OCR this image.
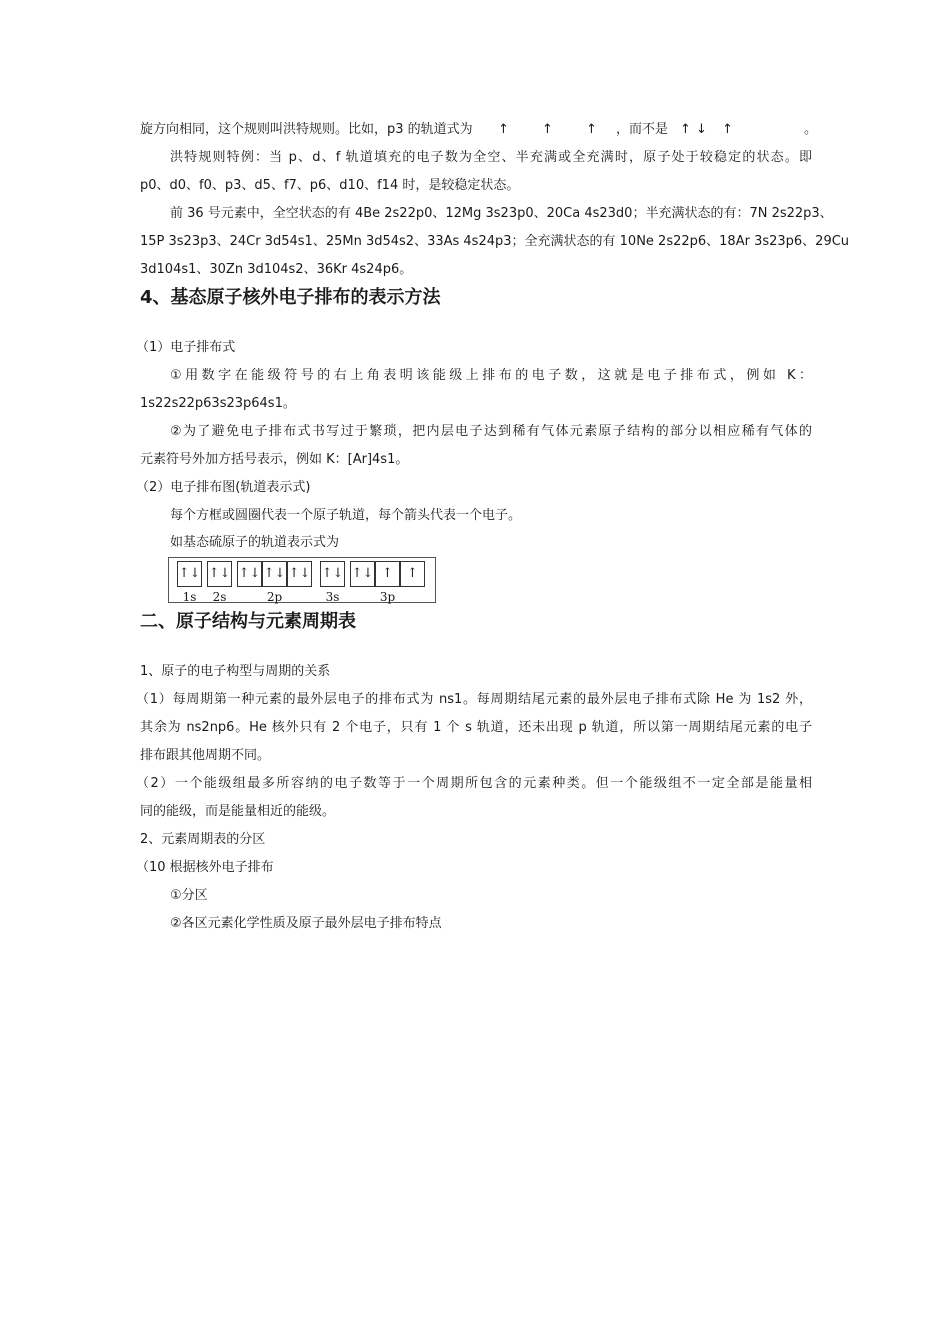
旋方向相同，这个规则叫洪特规则。比如，p3 的轨道式为 ↑	↑	↑ ，而不是 ↑ ↓ ↑	。
洪特规则特例：当 p、d、f 轨道填充的电子数为全空、半充满或全充满时，原子处于较稳定的状态。即
p0、d0、f0、p3、d5、f7、p6、d10、f14 时，是较稳定状态。
前 36 号元素中，全空状态的有 4Be 2s22p0、12Mg 3s23p0、20Ca 4s23d0；半充满状态的有：7N 2s22p3、
15P 3s23p3、24Cr 3d54s1、25Mn 3d54s2、33As 4s24p3；全充满状态的有 10Ne 2s22p6、18Ar 3s23p6、29Cu
3d104s1、30Zn 3d104s2、36Kr 4s24p6。
4、基态原子核外电子排布的表示方法
（1）电子排布式
①用数字在能级符号的右上角表明该能级上排布的电子数，这就是电子排布式，例如 K：
1s22s22p63s23p64s1。
②为了避免电子排布式书写过于繁琐，把内层电子达到稀有气体元素原子结构的部分以相应稀有气体的
元素符号外加方括号表示，例如 K：[Ar]4s1。
（2）电子排布图(轨道表示式)
每个方框或圆圈代表一个原子轨道，每个箭头代表一个电子。
如基态硫原子的轨道表示式为
↑↓
1s
↑↓
2s
↑↓ ↑↓ ↑↓
2p
↑↓
3s
↑↓ ↑	↑
3p
二、原子结构与元素周期表
1、原子的电子构型与周期的关系
（1）每周期第一种元素的最外层电子的排布式为 ns1。每周期结尾元素的最外层电子排布式除 He 为 1s2 外，
其余为 ns2np6。He 核外只有 2 个电子，只有 1 个 s 轨道，还未出现 p 轨道，所以第一周期结尾元素的电子
排布跟其他周期不同。
（2）一个能级组最多所容纳的电子数等于一个周期所包含的元素种类。但一个能级组不一定全部是能量相
同的能级，而是能量相近的能级。
2、元素周期表的分区
（10 根据核外电子排布
①分区
②各区元素化学性质及原子最外层电子排布特点
